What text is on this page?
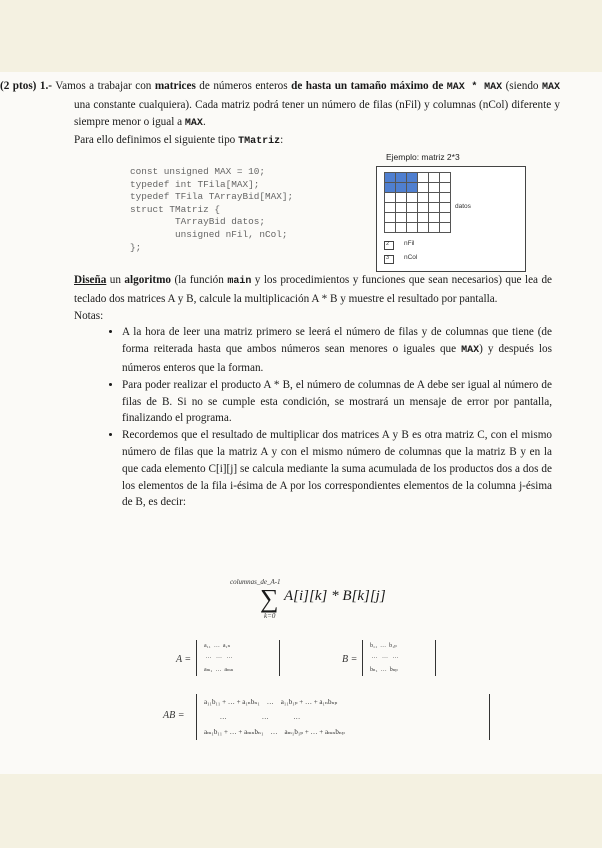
(2 ptos) 1.- Vamos a trabajar con matrices de números enteros de hasta un tamaño máximo de MAX * MAX (siendo MAX una constante cualquiera). Cada matriz podrá tener un número de filas (nFil) y columnas (nCol) diferente y siempre menor o igual a MAX.

Para ello definimos el siguiente tipo TMatriz:

const unsigned MAX = 10;
typedef int TFila[MAX];
typedef TFila TArrayBid[MAX];
struct TMatriz {
TArrayBid datos;
unsigned nFil, nCol;
};
Ejemplo: matriz 2*3

datos
2 nFil
3 nCol

Diseña un algoritmo (la función main y los procedimientos y funciones que sean necesarios) que lea de teclado dos matrices A y B, calcule la multiplicación A * B y muestre el resultado por pantalla.

Notas:

• A la hora de leer una matriz primero se leerá el número de filas y de columnas que tiene (de forma reiterada hasta que ambos números sean menores o iguales que MAX) y después los números enteros que la forman.
• Para poder realizar el producto A * B, el número de columnas de A debe ser igual al número de filas de B. Si no se cumple esta condición, se mostrará un mensaje de error por pantalla, finalizando el programa.
• Recordemos que el resultado de multiplicar dos matrices A y B es otra matriz C, con el mismo número de filas que la matriz A y con el mismo número de columnas que la matriz B y en la que cada elemento C[i][j] se calcula mediante la suma acumulada de los productos dos a dos de los elementos de la fila i-ésima de A por los correspondientes elementos de la columna j-ésima de B, es decir:
columnas_de_A-1
∑ A[i][k] * B[k][j]
k=0
A =
a₁₁  …  a₁ₙ
…   …   …
aₘ₁  …  aₘₙ
B =
b₁₁  …  b₁ₚ
…   …   …
bₙ₁  …  bₙₚ
AB =
a₁₁b₁₁ + … + a₁ₙbₙ₁    …    a₁₁b₁ₚ + … + a₁ₙbₙₚ
…                    …              …
aₘ₁b₁₁ + … + aₘₙbₙ₁    …    aₘ₁b₁ₚ + … + aₘₙbₙₚ
